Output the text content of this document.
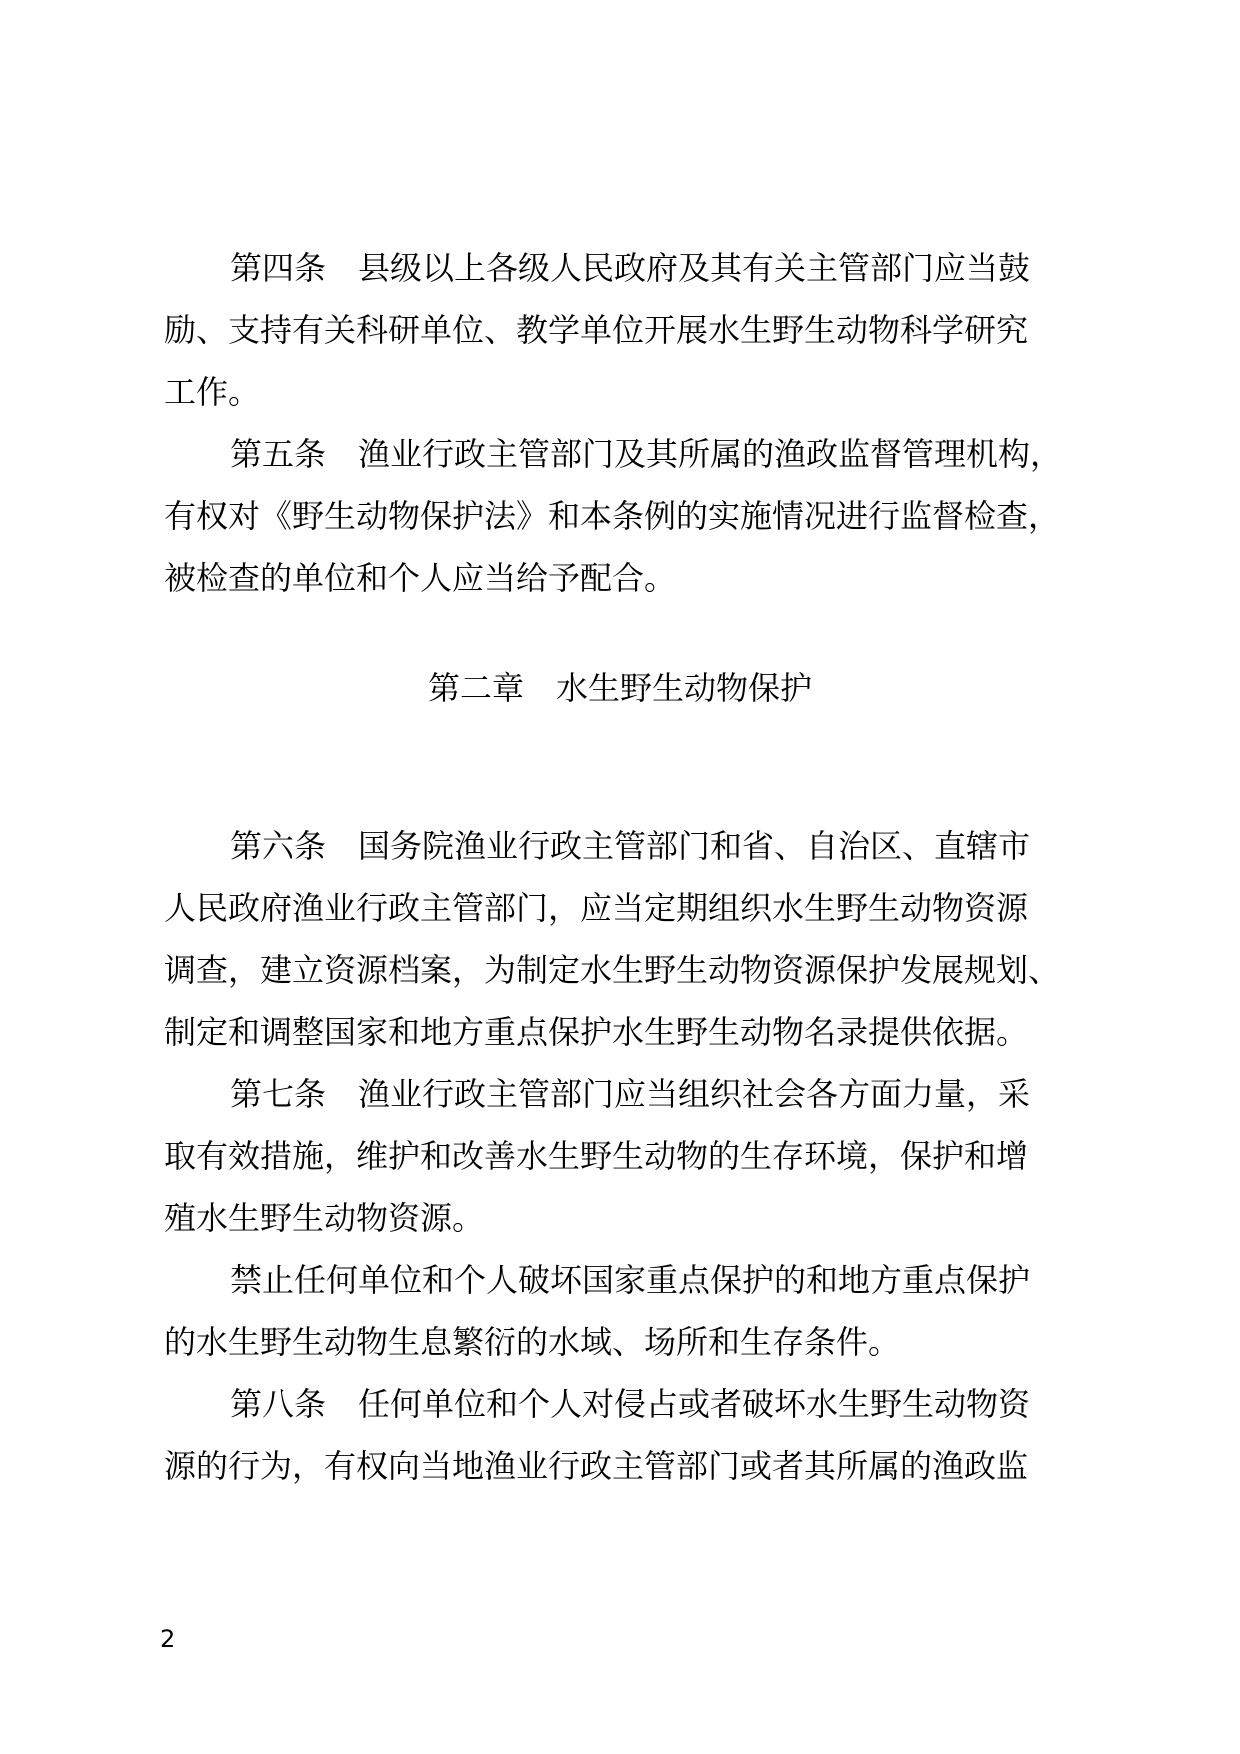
第四条　县级以上各级人民政府及其有关主管部门应当鼓
励、支持有关科研单位、教学单位开展水生野生动物科学研究
工作。
第五条　渔业行政主管部门及其所属的渔政监督管理机构，
有权对《野生动物保护法》和本条例的实施情况进行监督检查，
被检查的单位和个人应当给予配合。
第二章　水生野生动物保护
第六条　国务院渔业行政主管部门和省、自治区、直辖市
人民政府渔业行政主管部门，应当定期组织水生野生动物资源
调查，建立资源档案，为制定水生野生动物资源保护发展规划、
制定和调整国家和地方重点保护水生野生动物名录提供依据。
第七条　渔业行政主管部门应当组织社会各方面力量，采
取有效措施，维护和改善水生野生动物的生存环境，保护和增
殖水生野生动物资源。
禁止任何单位和个人破坏国家重点保护的和地方重点保护
的水生野生动物生息繁衍的水域、场所和生存条件。
第八条　任何单位和个人对侵占或者破坏水生野生动物资
源的行为，有权向当地渔业行政主管部门或者其所属的渔政监
2
